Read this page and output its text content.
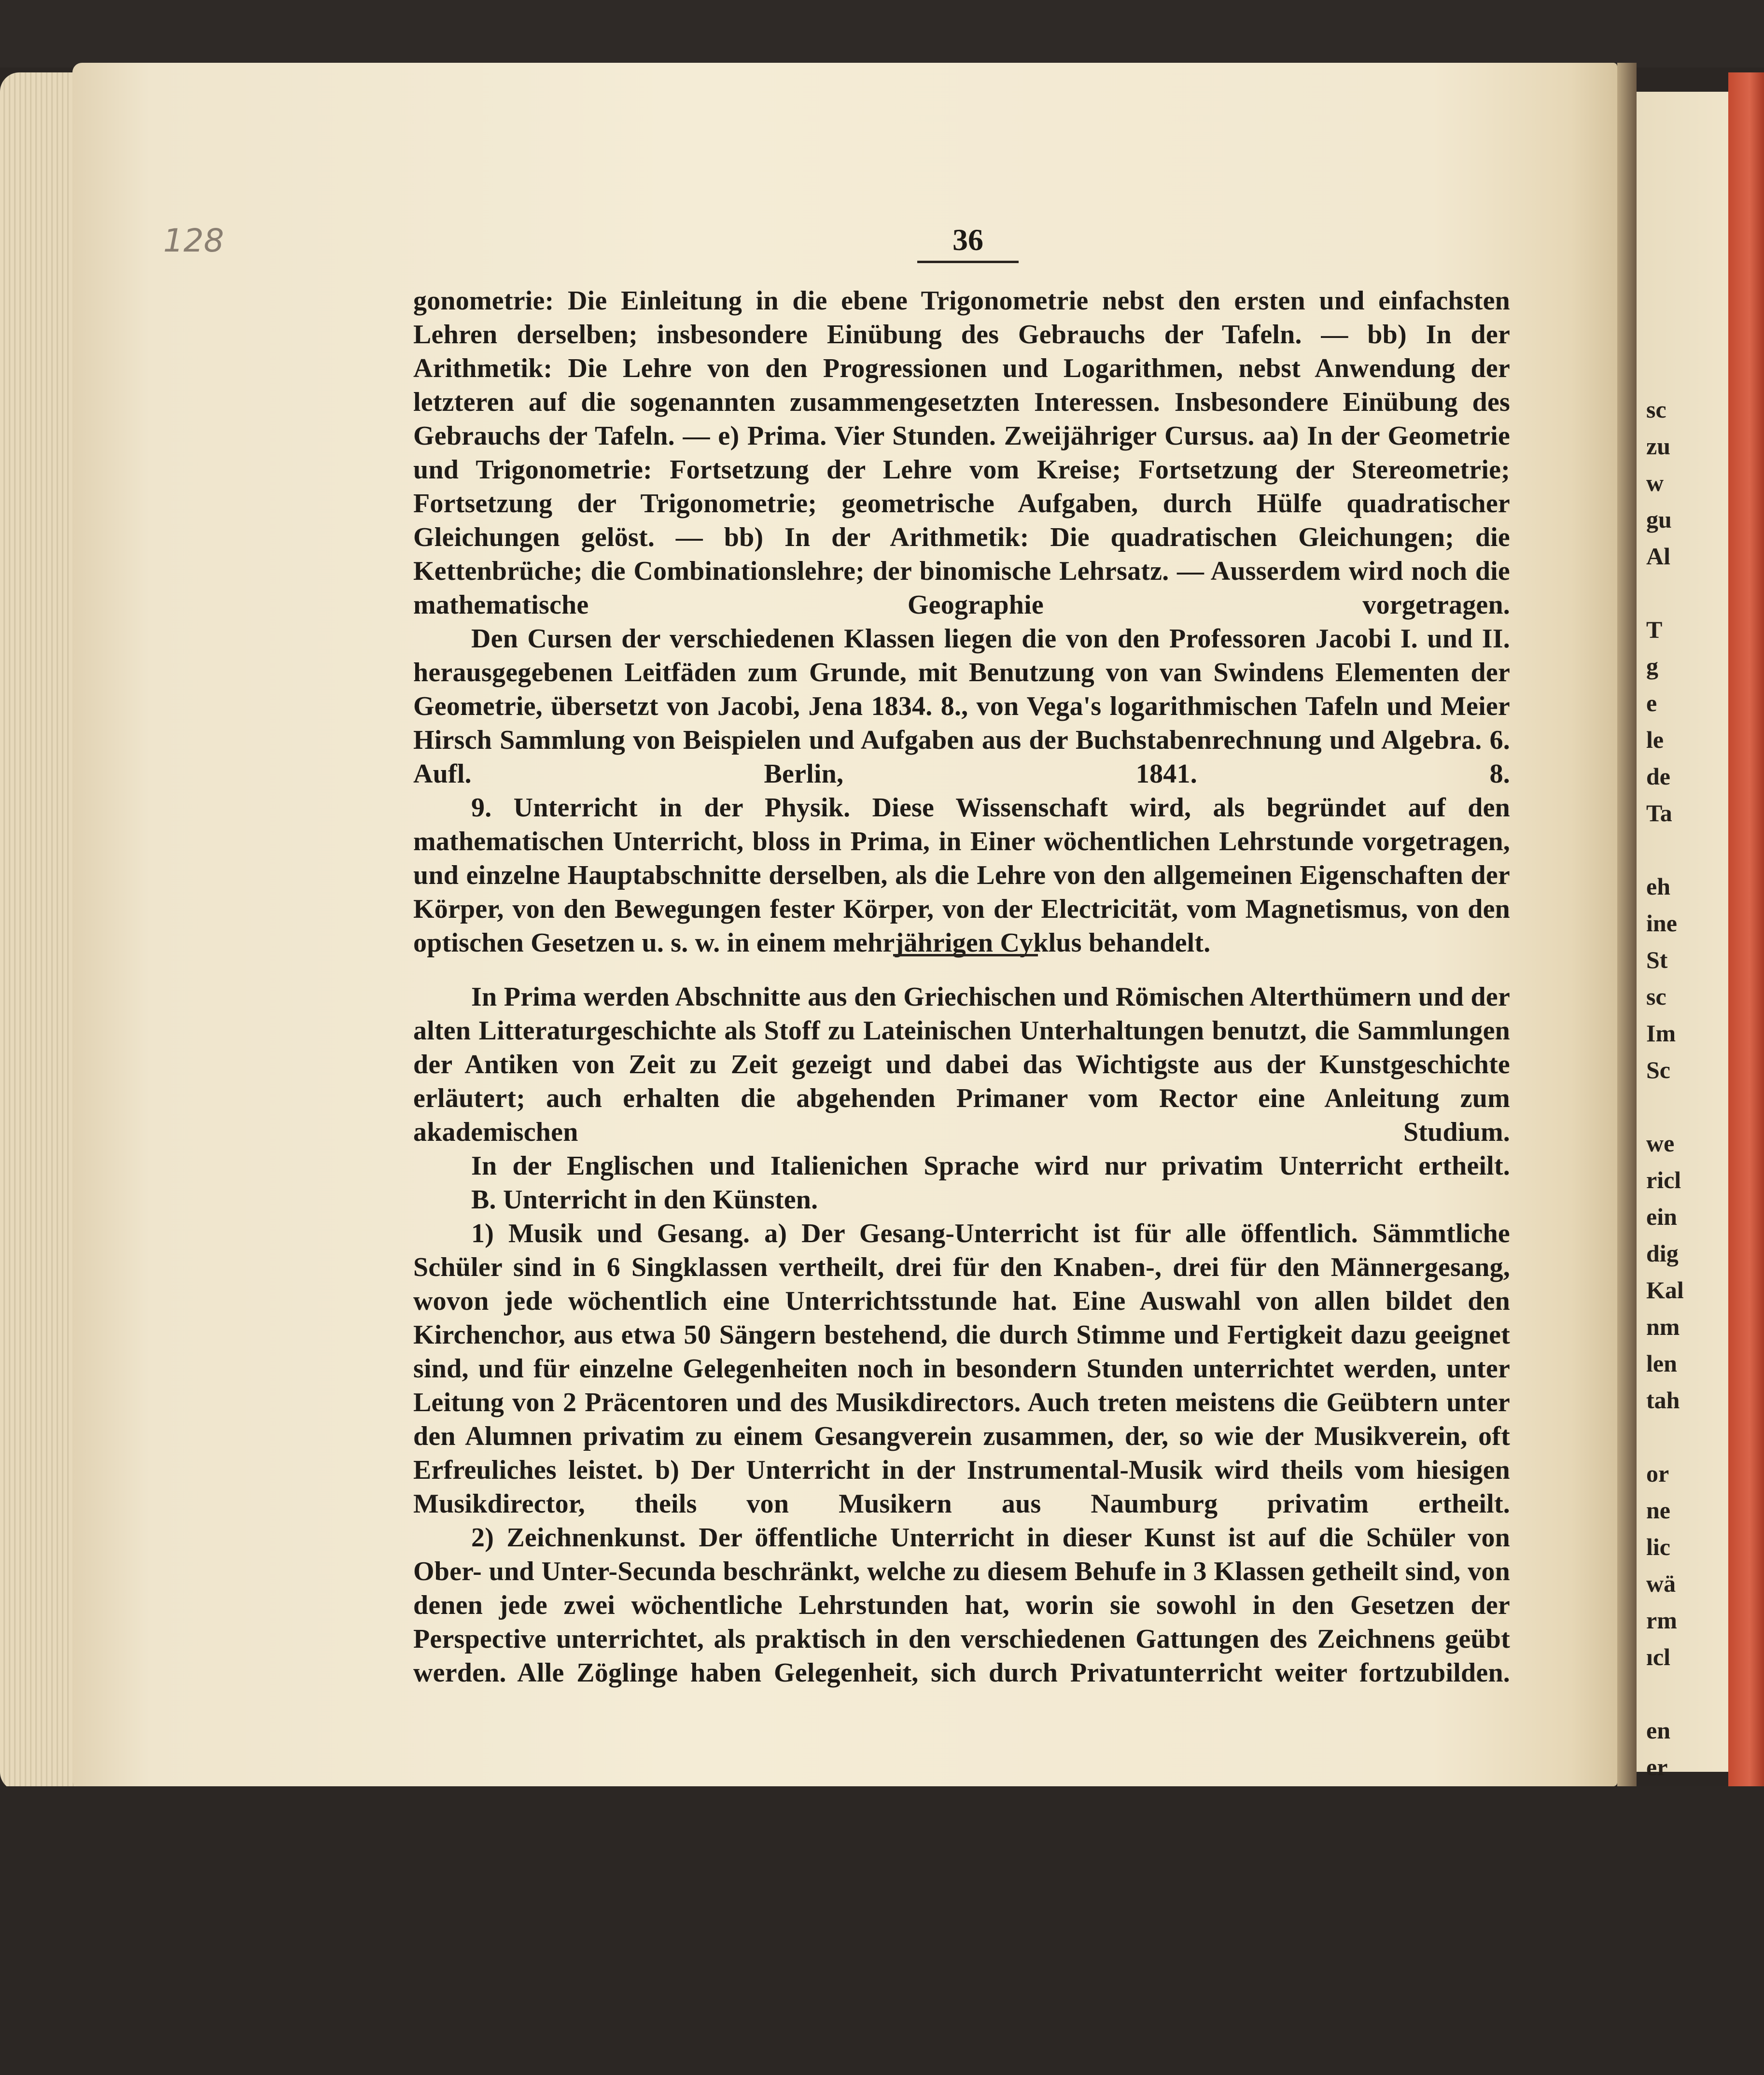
sc
zu
w
gu
Al
T
g
e
le
de
Ta
eh
ine
St
sc
Im
Sc
we
ricl
ein
dig
Kal
nm
len
tah
or
ne
lic
wä
rm
ıcl
en
er
128	36

gonometrie: Die Einleitung in die ebene Trigonometrie nebst den ersten und einfachsten Lehren derselben; insbesondere Einübung des Gebrauchs der Tafeln. — bb) In der Arithmetik: Die Lehre von den Progressionen und Logarithmen, nebst Anwendung der letzteren auf die sogenannten zusammengesetzten Interessen. Insbesondere Einübung des Gebrauchs der Tafeln. — e) Prima. Vier Stunden. Zweijähriger Cursus. aa) In der Geometrie und Trigonometrie: Fortsetzung der Lehre vom Kreise; Fortsetzung der Stereometrie; Fortsetzung der Trigonometrie; geometrische Aufgaben, durch Hülfe quadratischer Gleichungen gelöst. — bb) In der Arithmetik: Die quadratischen Gleichungen; die Kettenbrüche; die Combinationslehre; der binomische Lehrsatz. — Ausserdem wird noch die mathematische Geographie vorgetragen.

Den Cursen der verschiedenen Klassen liegen die von den Professoren Jacobi I. und II. herausgegebenen Leitfäden zum Grunde, mit Benutzung von van Swindens Elementen der Geometrie, übersetzt von Jacobi, Jena 1834. 8., von Vega's logarithmischen Tafeln und Meier Hirsch Sammlung von Beispielen und Aufgaben aus der Buchstabenrechnung und Algebra. 6. Aufl. Berlin, 1841. 8.

9. Unterricht in der Physik. Diese Wissenschaft wird, als begründet auf den mathematischen Unterricht, bloss in Prima, in Einer wöchentlichen Lehrstunde vorgetragen, und einzelne Hauptabschnitte derselben, als die Lehre von den allgemeinen Eigenschaften der Körper, von den Bewegungen fester Körper, von der Electricität, vom Magnetismus, von den optischen Gesetzen u. s. w. in einem mehrjährigen Cyklus behandelt.

In Prima werden Abschnitte aus den Griechischen und Römischen Alterthümern und der alten Litteraturgeschichte als Stoff zu Lateinischen Unterhaltungen benutzt, die Sammlungen der Antiken von Zeit zu Zeit gezeigt und dabei das Wichtigste aus der Kunstgeschichte erläutert; auch erhalten die abgehenden Primaner vom Rector eine Anleitung zum akademischen Studium.

In der Englischen und Italienichen Sprache wird nur privatim Unterricht ertheilt.

B. Unterricht in den Künsten.

1) Musik und Gesang. a) Der Gesang-Unterricht ist für alle öffentlich. Sämmtliche Schüler sind in 6 Singklassen vertheilt, drei für den Knaben-, drei für den Männergesang, wovon jede wöchentlich eine Unterrichtsstunde hat. Eine Auswahl von allen bildet den Kirchenchor, aus etwa 50 Sängern bestehend, die durch Stimme und Fertigkeit dazu geeignet sind, und für einzelne Gelegenheiten noch in besondern Stunden unterrichtet werden, unter Leitung von 2 Präcentoren und des Musikdirectors. Auch treten meistens die Geübtern unter den Alumnen privatim zu einem Gesangverein zusammen, der, so wie der Musikverein, oft Erfreuliches leistet. b) Der Unterricht in der Instrumental-Musik wird theils vom hiesigen Musikdirector, theils von Musikern aus Naumburg privatim ertheilt.

2) Zeichnenkunst. Der öffentliche Unterricht in dieser Kunst ist auf die Schüler von Ober- und Unter-Secunda beschränkt, welche zu diesem Behufe in 3 Klassen getheilt sind, von denen jede zwei wöchentliche Lehrstunden hat, worin sie sowohl in den Gesetzen der Perspective unterrichtet, als praktisch in den verschiedenen Gattungen des Zeichnens geübt werden. Alle Zöglinge haben Gelegenheit, sich durch Privatunterricht weiter fortzubilden.
